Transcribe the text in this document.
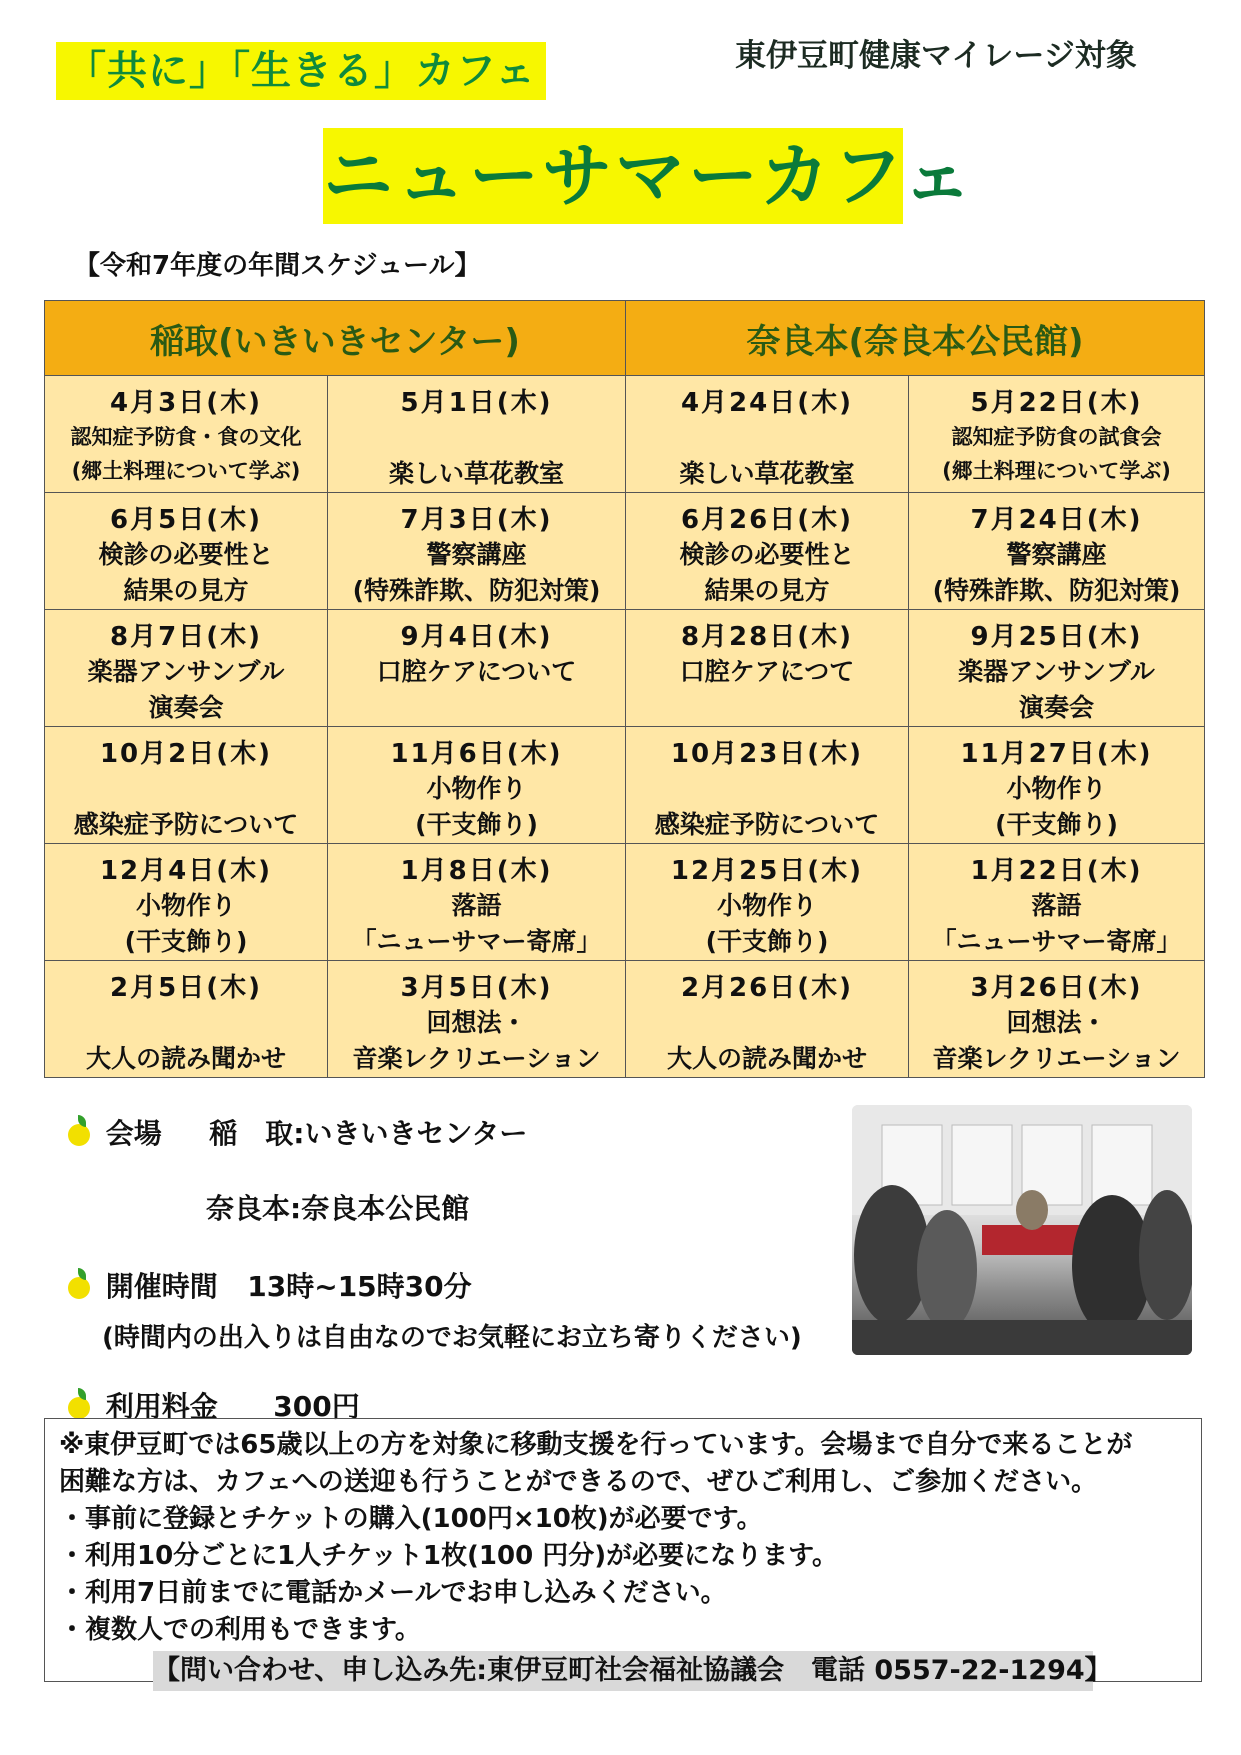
「共に」「生きる」カフェ	東伊豆町健康マイレージ対象
ニューサマーカフェ
【令和7年度の年間スケジュール】
稲取(いきいきセンター)		奈良本(奈良本公民館)	

4月3日(木)
認知症予防食・食の文化
(郷土料理について学ぶ)	5月1日(木)
楽しい草花教室	4月24日(木)
楽しい草花教室	5月22日(木)
認知症予防食の試食会
(郷土料理について学ぶ)

6月5日(木)
検診の必要性と
結果の見方	7月3日(木)
警察講座
(特殊詐欺、防犯対策)	6月26日(木)
検診の必要性と
結果の見方	7月24日(木)
警察講座
(特殊詐欺、防犯対策)

8月7日(木)
楽器アンサンブル
演奏会	9月4日(木)
口腔ケアについて	8月28日(木)
口腔ケアにつて	9月25日(木)
楽器アンサンブル
演奏会

10月2日(木)
感染症予防について	11月6日(木)
小物作り
(干支飾り)	10月23日(木)
感染症予防について	11月27日(木)
小物作り
(干支飾り)

12月4日(木)
小物作り
(干支飾り)	1月8日(木)
落語
「ニューサマー寄席」	12月25日(木)
小物作り
(干支飾り)	1月22日(木)
落語
「ニューサマー寄席」

2月5日(木)
大人の読み聞かせ	3月5日(木)
回想法・
音楽レクリエーション	2月26日(木)
大人の読み聞かせ	3月26日(木)
回想法・
音楽レクリエーション
会場 稲　取:いきいきセンター
奈良本:奈良本公民館
開催時間 13時~15時30分
(時間内の出入りは自由なのでお気軽にお立ち寄りください)
利用料金 300円
※東伊豆町では65歳以上の方を対象に移動支援を行っています。会場まで自分で来ることが
困難な方は、カフェへの送迎も行うことができるので、ぜひご利用し、ご参加ください。
・事前に登録とチケットの購入(100円×10枚)が必要です。
・利用10分ごとに1人チケット1枚(100 円分)が必要になります。
・利用7日前までに電話かメールでお申し込みください。
・複数人での利用もできます。
【問い合わせ、申し込み先:東伊豆町社会福祉協議会　電話 0557-22-1294】
